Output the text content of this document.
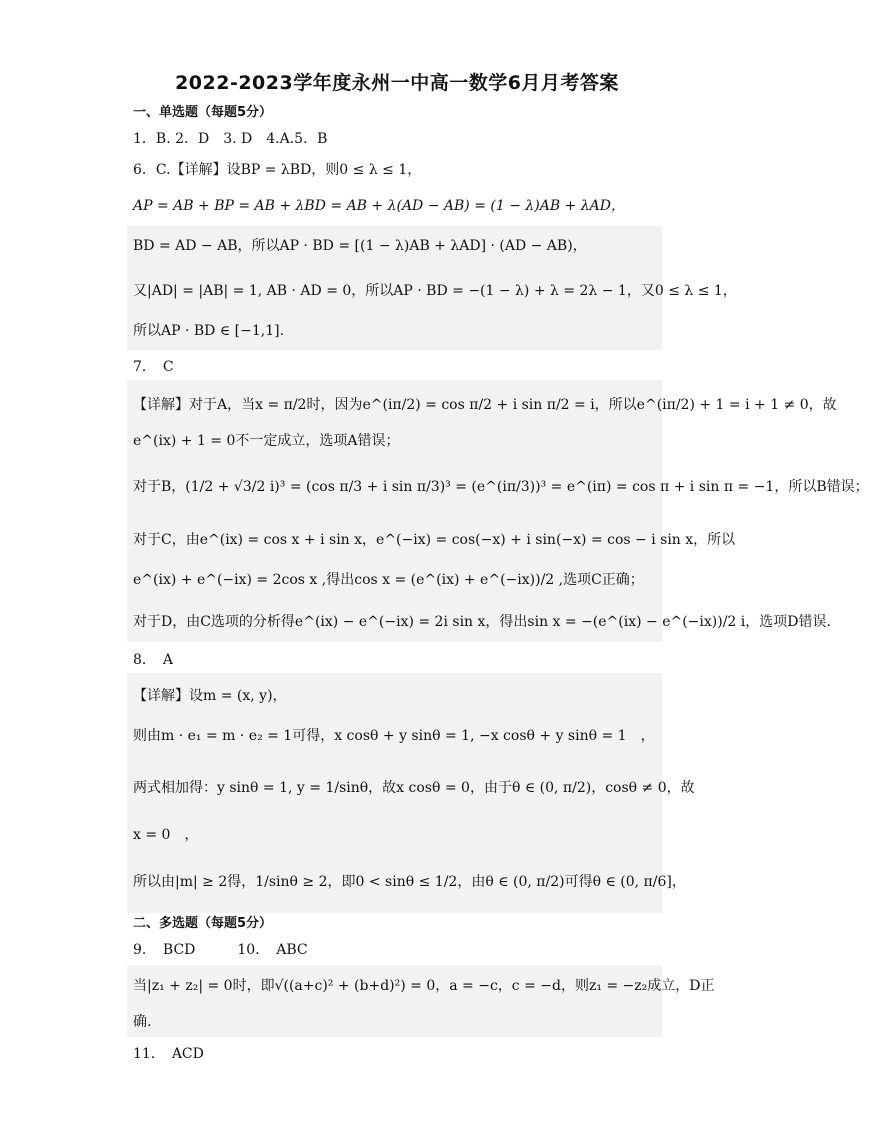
2022-2023学年度永州一中高一数学6月月考答案
一、单选题（每题5分）
1．B. 2．D　3. D　4.A.5．B
6．C.【详解】设BP = λBD，则0 ≤ λ ≤ 1，
AP = AB + BP = AB + λBD = AB + λ(AD − AB) = (1 − λ)AB + λAD，
BD = AD − AB，所以AP · BD = [(1 − λ)AB + λAD] · (AD − AB)，
又|AD| = |AB| = 1, AB · AD = 0，所以AP · BD = −(1 − λ) + λ = 2λ − 1，又0 ≤ λ ≤ 1，
所以AP · BD ∈ [−1,1].
7．　C
【详解】对于A，当x = π/2时，因为e^(iπ/2) = cos π/2 + i sin π/2 = i，所以e^(iπ/2) + 1 = i + 1 ≠ 0，故
e^(ix) + 1 = 0不一定成立，选项A错误；
对于B，(1/2 + √3/2 i)³ = (cos π/3 + i sin π/3)³ = (e^(iπ/3))³ = e^(iπ) = cos π + i sin π = −1，所以B错误；
对于C，由e^(ix) = cos x + i sin x，e^(−ix) = cos(−x) + i sin(−x) = cos − i sin x，所以
e^(ix) + e^(−ix) = 2cos x ,得出cos x = (e^(ix) + e^(−ix))/2 ,选项C正确；
对于D，由C选项的分析得e^(ix) − e^(−ix) = 2i sin x，得出sin x = −(e^(ix) − e^(−ix))/2 i，选项D错误.
8．　A
【详解】设m = (x, y)，
则由m · e₁ = m · e₂ = 1可得，x cosθ + y sinθ = 1, −x cosθ + y sinθ = 1　，
两式相加得：y sinθ = 1, y = 1/sinθ，故x cosθ = 0，由于θ ∈ (0, π/2)，cosθ ≠ 0，故
x = 0　，
所以由|m| ≥ 2得，1/sinθ ≥ 2，即0 < sinθ ≤ 1/2，由θ ∈ (0, π/2)可得θ ∈ (0, π/6]，
二、多选题（每题5分）
9．　BCD　　　10．　ABC
当|z₁ + z₂| = 0时，即√((a+c)² + (b+d)²) = 0，a = −c，c = −d，则z₁ = −z₂成立，D正
确.
11．　ACD
